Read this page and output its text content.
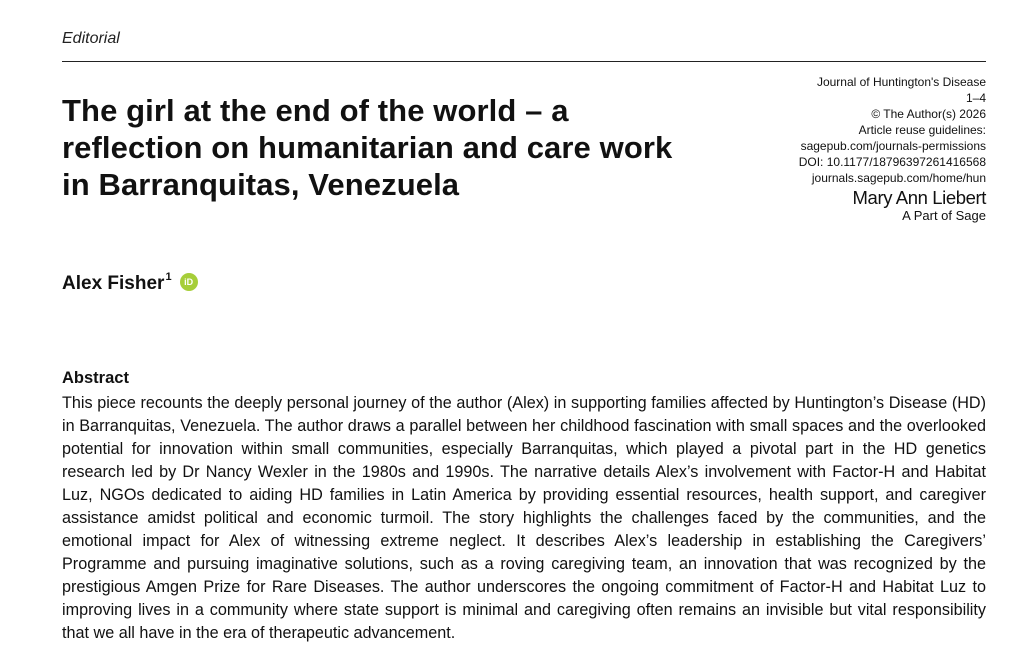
Editorial
The girl at the end of the world – a reflection on humanitarian and care work in Barranquitas, Venezuela
Journal of Huntington's Disease
1–4
© The Author(s) 2026
Article reuse guidelines:
sagepub.com/journals-permissions
DOI: 10.1177/18796397261416568
journals.sagepub.com/home/hun
Mary Ann Liebert
A Part of Sage
Alex Fisher$^1$	iD
Abstract

This piece recounts the deeply personal journey of the author (Alex) in supporting families affected by Huntington’s Disease (HD) in Barranquitas, Venezuela. The author draws a parallel between her childhood fascination with small spaces and the overlooked potential for innovation within small communities, especially Barranquitas, which played a pivotal part in the HD genetics research led by Dr Nancy Wexler in the 1980s and 1990s. The narrative details Alex’s involvement with Factor-H and Habitat Luz, NGOs dedicated to aiding HD families in Latin America by providing essential resources, health support, and caregiver assistance amidst political and economic turmoil. The story highlights the challenges faced by the communities, and the emotional impact for Alex of witnessing extreme neglect. It describes Alex’s leadership in establishing the Caregivers’ Programme and pursuing imaginative solutions, such as a roving caregiving team, an innovation that was recognized by the prestigious Amgen Prize for Rare Diseases. The author underscores the ongoing commitment of Factor-H and Habitat Luz to improving lives in a community where state support is minimal and caregiving often remains an invisible but vital responsibility that we all have in the era of therapeutic advancement.
